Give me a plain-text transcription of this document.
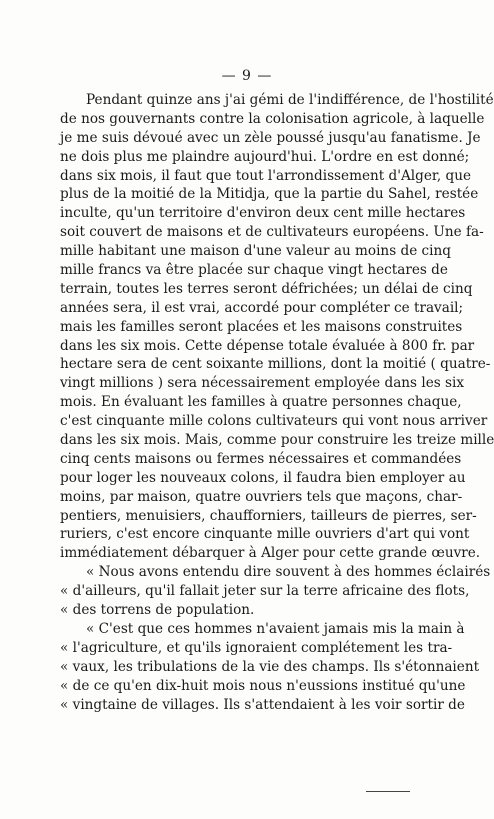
— 9 —
Pendant quinze ans j'ai gémi de l'indifférence, de l'hostilité
de nos gouvernants contre la colonisation agricole, à laquelle
je me suis dévoué avec un zèle poussé jusqu'au fanatisme. Je
ne dois plus me plaindre aujourd'hui. L'ordre en est donné;
dans six mois, il faut que tout l'arrondissement d'Alger, que
plus de la moitié de la Mitidja, que la partie du Sahel, restée
inculte, qu'un territoire d'environ deux cent mille hectares
soit couvert de maisons et de cultivateurs européens. Une fa-
mille habitant une maison d'une valeur au moins de cinq
mille francs va être placée sur chaque vingt hectares de
terrain, toutes les terres seront défrichées; un délai de cinq
années sera, il est vrai, accordé pour compléter ce travail;
mais les familles seront placées et les maisons construites
dans les six mois. Cette dépense totale évaluée à 800 fr. par
hectare sera de cent soixante millions, dont la moitié ( quatre-
vingt millions ) sera nécessairement employée dans les six
mois. En évaluant les familles à quatre personnes chaque,
c'est cinquante mille colons cultivateurs qui vont nous arriver
dans les six mois. Mais, comme pour construire les treize mille
cinq cents maisons ou fermes nécessaires et commandées
pour loger les nouveaux colons, il faudra bien employer au
moins, par maison, quatre ouvriers tels que maçons, char-
pentiers, menuisiers, chaufforniers, tailleurs de pierres, ser-
ruriers, c'est encore cinquante mille ouvriers d'art qui vont
immédiatement débarquer à Alger pour cette grande œuvre.
« Nous avons entendu dire souvent à des hommes éclairés
« d'ailleurs, qu'il fallait jeter sur la terre africaine des flots,
« des torrens de population.
« C'est que ces hommes n'avaient jamais mis la main à
« l'agriculture, et qu'ils ignoraient complétement les tra-
« vaux, les tribulations de la vie des champs. Ils s'étonnaient
« de ce qu'en dix-huit mois nous n'eussions institué qu'une
« vingtaine de villages. Ils s'attendaient à les voir sortir de
